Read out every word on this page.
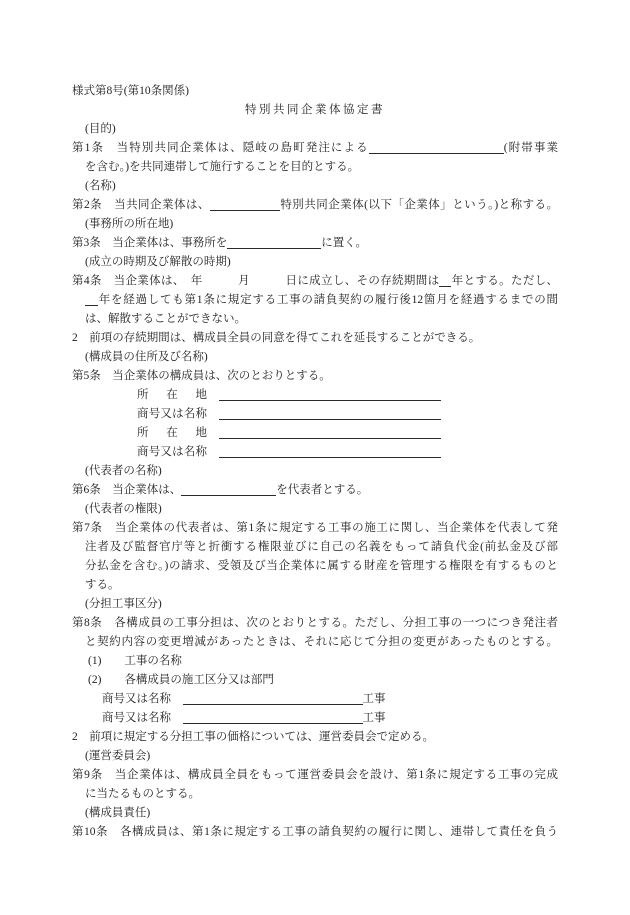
様式第8号(第10条関係)
特別共同企業体協定書
(目的)
第1条　当特別共同企業体は、隠岐の島町発注による	(附帯事業
を含む。)を共同連帯して施行することを目的とする。
(名称)
第2条　当共同企業体は、	特別共同企業体(以下「企業体」という。)と称する。
(事務所の所在地)
第3条　当企業体は、事務所を	に置く。
(成立の時期及び解散の時期)
第4条　当企業体は、　年　　　月　　　日に成立し、その存続期間は 年とする。ただし、
年を経過しても第1条に規定する工事の請負契約の履行後12箇月を経過するまでの間
は、解散することができない。
2　前項の存続期間は、構成員全員の同意を得てこれを延長することができる。
(構成員の住所及び名称)
第5条　当企業体の構成員は、次のとおりとする。
所　在　地　
商号又は名称　
所　在　地　
商号又は名称　
(代表者の名称)
第6条　当企業体は、	を代表者とする。
(代表者の権限)
第7条　当企業体の代表者は、第1条に規定する工事の施工に関し、当企業体を代表して発
注者及び監督官庁等と折衝する権限並びに自己の名義をもって請負代金(前払金及び部
分払金を含む。)の請求、受領及び当企業体に属する財産を管理する権限を有するものと
する。
(分担工事区分)
第8条　各構成員の工事分担は、次のとおりとする。ただし、分担工事の一つにつき発注者
と契約内容の変更増減があったときは、それに応じて分担の変更があったものとする。
(1)　　工事の名称
(2)　　各構成員の施工区分又は部門
商号又は名称　	工事
商号又は名称　	工事
2　前項に規定する分担工事の価格については、運営委員会で定める。
(運営委員会)
第9条　当企業体は、構成員全員をもって運営委員会を設け、第1条に規定する工事の完成
に当たるものとする。
(構成員責任)
第10条　各構成員は、第1条に規定する工事の請負契約の履行に関し、連帯して責任を負う
